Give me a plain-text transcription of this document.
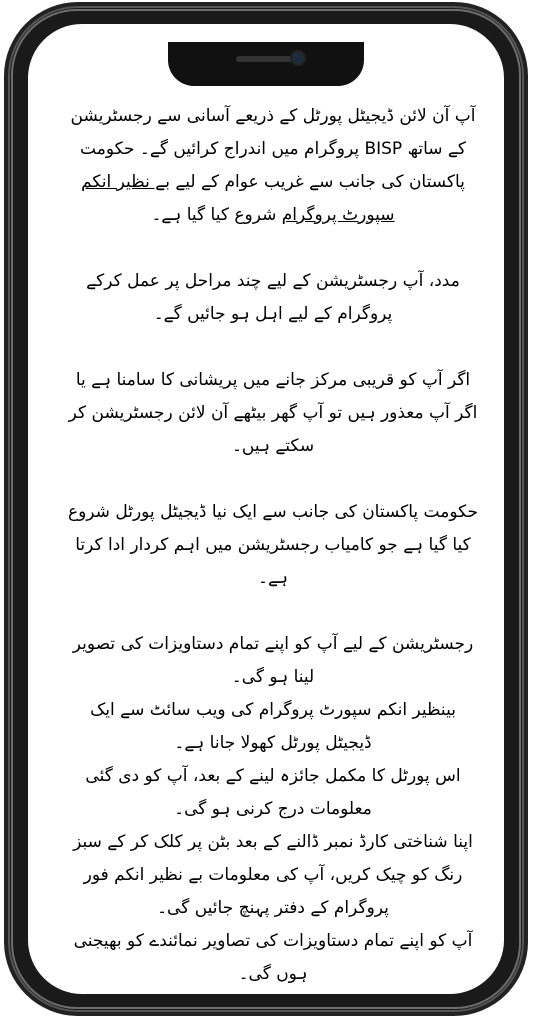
آپ آن لائن ڈیجیٹل پورٹل کے ذریعے آسانی سے رجسٹریشن کے ساتھ BISP پروگرام میں اندراج کرائیں گے۔ حکومت پاکستان کی جانب سے غریب عوام کے لیے بے نظیر انکم سپورٹ پروگرام شروع کیا گیا ہے۔

مدد، آپ رجسٹریشن کے لیے چند مراحل پر عمل کرکے پروگرام کے لیے اہل ہو جائیں گے۔

اگر آپ کو قریبی مرکز جانے میں پریشانی کا سامنا ہے یا اگر آپ معذور ہیں تو آپ گھر بیٹھے آن لائن رجسٹریشن کر سکتے ہیں۔

حکومت پاکستان کی جانب سے ایک نیا ڈیجیٹل پورٹل شروع کیا گیا ہے جو کامیاب رجسٹریشن میں اہم کردار ادا کرتا ہے۔

رجسٹریشن کے لیے آپ کو اپنے تمام دستاویزات کی تصویر لینا ہو گی۔

بینظیر انکم سپورٹ پروگرام کی ویب سائٹ سے ایک ڈیجیٹل پورٹل کھولا جانا ہے۔

اس پورٹل کا مکمل جائزہ لینے کے بعد، آپ کو دی گئی معلومات درج کرنی ہو گی۔

اپنا شناختی کارڈ نمبر ڈالنے کے بعد بٹن پر کلک کر کے سبز رنگ کو چیک کریں، آپ کی معلومات بے نظیر انکم فور پروگرام کے دفتر پہنچ جائیں گی۔

آپ کو اپنے تمام دستاویزات کی تصاویر نمائندے کو بھیجنی ہوں گی۔
